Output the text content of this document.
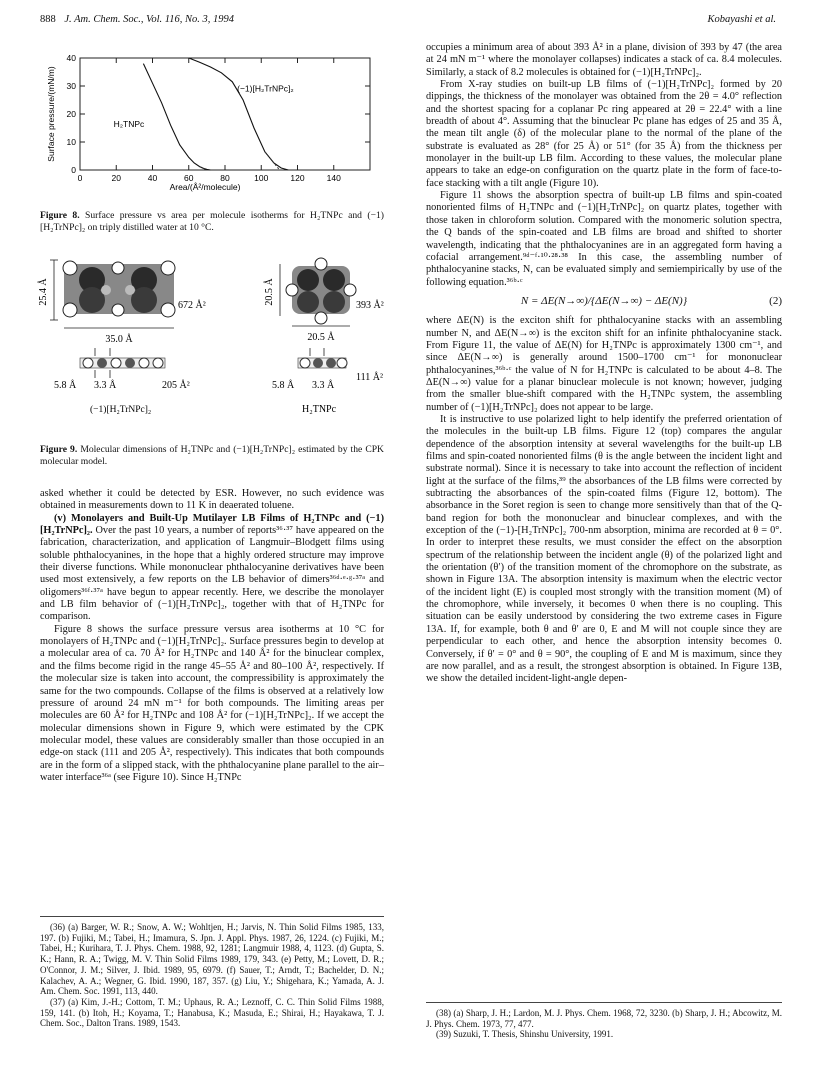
888 J. Am. Chem. Soc., Vol. 116, No. 3, 1994	Kobayashi et al.
0	20	40	60	80	100	120	140
0
10
20
30
40
Area/(Å²/molecule)
Surface pressure/(mN/m)	H₂TNPc
(−1)[H₂TrNPc]₂
Figure 8. Surface pressure vs area per molecule isotherms for H₂TNPc and (−1)[H₂TrNPc]₂ on triply distilled water at 10 °C.
25.4 Å
35.0 Å
672 Å²
5.8 Å 3.3 Å	205 Å²
(−1)[H₂TrNPc]₂
20.5 Å
20.5 Å
393 Å²
5.8 Å 3.3 Å
111 Å²
H₂TNPc
Figure 9. Molecular dimensions of H₂TNPc and (−1)[H₂TrNPc]₂ estimated by the CPK molecular model.

asked whether it could be detected by ESR. However, no such evidence was obtained in measurements down to 11 K in deaerated toluene.

(v) Monolayers and Built-Up Mutilayer LB Films of H₂TNPc and (−1)[H₂TrNPc]₂. Over the past 10 years, a number of reports³⁶·³⁷ have appeared on the fabrication, characterization, and application of Langmuir–Blodgett films using soluble phthalocyanines, in the hope that a highly ordered structure may improve their diverse functions. While mononuclear phthalocyanine derivatives have been used most extensively, a few reports on the LB behavior of dimers³⁶ᵈ·ᵉ·ᵍ·³⁷ᵃ and oligomers³⁶ᶠ·³⁷ᵃ have begun to appear recently. Here, we describe the monolayer and LB film behavior of (−1)[H₂TrNPc]₂, together with that of H₂TNPc for comparison.

Figure 8 shows the surface pressure versus area isotherms at 10 °C for monolayers of H₂TNPc and (−1)[H₂TrNPc]₂. Surface pressures begin to develop at a molecular area of ca. 70 Å² for H₂TNPc and 140 Å² for the binuclear complex, and the films become rigid in the range 45–55 Å² and 80–100 Å², respectively. If the molecular size is taken into account, the compressibility is approximately the same for the two compounds. Collapse of the films is observed at a relatively low pressure of around 24 mN m⁻¹ for both compounds. The limiting areas per molecules are 60 Å² for H₂TNPc and 108 Å² for (−1)[H₂TrNPc]₂. If we accept the molecular dimensions shown in Figure 9, which were estimated by the CPK molecular model, these values are considerably smaller than those occupied in an edge-on stack (111 and 205 Å², respectively). This indicates that both compounds are in the form of a slipped stack, with the phthalocyanine plane parallel to the air–water interface³⁶ᵃ (see Figure 10). Since H₂TNPc

(36) (a) Barger, W. R.; Snow, A. W.; Wohltjen, H.; Jarvis, N. Thin Solid Films 1985, 133, 197. (b) Fujiki, M.; Tabei, H.; Imamura, S. Jpn. J. Appl. Phys. 1987, 26, 1224. (c) Fujiki, M.; Tabei, H.; Kurihara, T. J. Phys. Chem. 1988, 92, 1281; Langmuir 1988, 4, 1123. (d) Gupta, S. K.; Hann, R. A.; Twigg, M. V. Thin Solid Films 1989, 179, 343. (e) Petty, M.; Lovett, D. R.; O'Connor, J. M.; Silver, J. Ibid. 1989, 95, 6979. (f) Sauer, T.; Arndt, T.; Bachelder, D. N.; Kalachev, A. A.; Wegner, G. Ibid. 1990, 187, 357. (g) Liu, Y.; Shigehara, K.; Yamada, A. J. Am. Chem. Soc. 1991, 113, 440.

(37) (a) Kim, J.-H.; Cottom, T. M.; Uphaus, R. A.; Leznoff, C. C. Thin Solid Films 1988, 159, 141. (b) Itoh, H.; Koyama, T.; Hanabusa, K.; Masuda, E.; Shirai, H.; Hayakawa, T. J. Chem. Soc., Dalton Trans. 1989, 1543.

occupies a minimum area of about 393 Å² in a plane, division of 393 by 47 (the area at 24 mN m⁻¹ where the monolayer collapses) indicates a stack of ca. 8.4 molecules. Similarly, a stack of 8.2 molecules is obtained for (−1)[H₂TrNPc]₂.

From X-ray studies on built-up LB films of (−1)[H₂TrNPc]₂ formed by 20 dippings, the thickness of the monolayer was obtained from the 2θ = 4.0° reflection and the shortest spacing for a coplanar Pc ring appeared at 2θ = 22.4° with a line breadth of about 4°. Assuming that the binuclear Pc plane has edges of 25 and 35 Å, the mean tilt angle (δ) of the molecular plane to the normal of the plane of the substrate is evaluated as 28° (for 25 Å) or 51° (for 35 Å) from the thickness per monolayer in the built-up LB film. According to these values, the molecular plane appears to take an edge-on configuration on the quartz plate in the form of face-to-face stacking with a tilt angle (Figure 10).

Figure 11 shows the absorption spectra of built-up LB films and spin-coated nonoriented films of H₂TNPc and (−1)[H₂TrNPc]₂ on quartz plates, together with those taken in chloroform solution. Compared with the monomeric solution spectra, the Q bands of the spin-coated and LB films are broad and shifted to shorter wavelength, indicating that the phthalocyanines are in an aggregated form having a cofacial arrangement.⁹ᵈ⁻ᶠ·¹⁰·²⁸·³⁸ In this case, the assembling number of phthalocyanine stacks, N, can be evaluated simply and semiempirically by use of the following equation.³⁶ᵇ·ᶜ

N = ΔE(N→∞)/{ΔE(N→∞) − ΔE(N)}	(2)

where ΔE(N) is the exciton shift for phthalocyanine stacks with an assembling number N, and ΔE(N→∞) is the exciton shift for an infinite phthalocyanine stack. From Figure 11, the value of ΔE(N) for H₂TNPc is approximately 1300 cm⁻¹, and since ΔE(N→∞) is generally around 1500–1700 cm⁻¹ for mononuclear phthalocyanines,³⁶ᵇ·ᶜ the value of N for H₂TNPc is calculated to be about 4–8. The ΔE(N→∞) value for a planar binuclear molecule is not known; however, judging from the smaller blue-shift compared with the H₂TNPc system, the assembling number of (−1)[H₂TrNPc]₂ does not appear to be large.

It is instructive to use polarized light to help identify the preferred orientation of the molecules in the built-up LB films. Figure 12 (top) compares the angular dependence of the absorption intensity at several wavelengths for the built-up LB films and spin-coated nonoriented films (θ is the angle between the incident light and substrate normal). Since it is necessary to take into account the reflection of incident light at the surface of the films,³⁹ the absorbances of the LB films were corrected by subtracting the absorbances of the spin-coated films (Figure 12, bottom). The absorbance in the Soret region is seen to change more sensitively than that of the Q-band region for both the mononuclear and binuclear complexes, and with the exception of the (−1)-[H₂TrNPc]₂ 700-nm absorption, minima are recorded at θ = 0°. In order to interpret these results, we must consider the effect on the absorption spectrum of the relationship between the incident angle (θ) of the polarized light and the orientation (θ′) of the transition moment of the chromophore on the substrate, as shown in Figure 13A. The absorption intensity is maximum when the electric vector of the incident light (E) is coupled most strongly with the transition moment (M) of the chromophore, while inversely, it becomes 0 when there is no coupling. This situation can be easily understood by considering the two extreme cases in Figure 13A. If, for example, both θ and θ′ are 0, E and M will not couple since they are perpendicular to each other, and hence the absorption intensity becomes 0. Conversely, if θ′ = 0° and θ = 90°, the coupling of E and M is maximum, since they are now parallel, and as a result, the strongest absorption is obtained. In Figure 13B, we show the detailed incident-light-angle depen-

(38) (a) Sharp, J. H.; Lardon, M. J. Phys. Chem. 1968, 72, 3230. (b) Sharp, J. H.; Abcowitz, M. J. Phys. Chem. 1973, 77, 477.

(39) Suzuki, T. Thesis, Shinshu University, 1991.
